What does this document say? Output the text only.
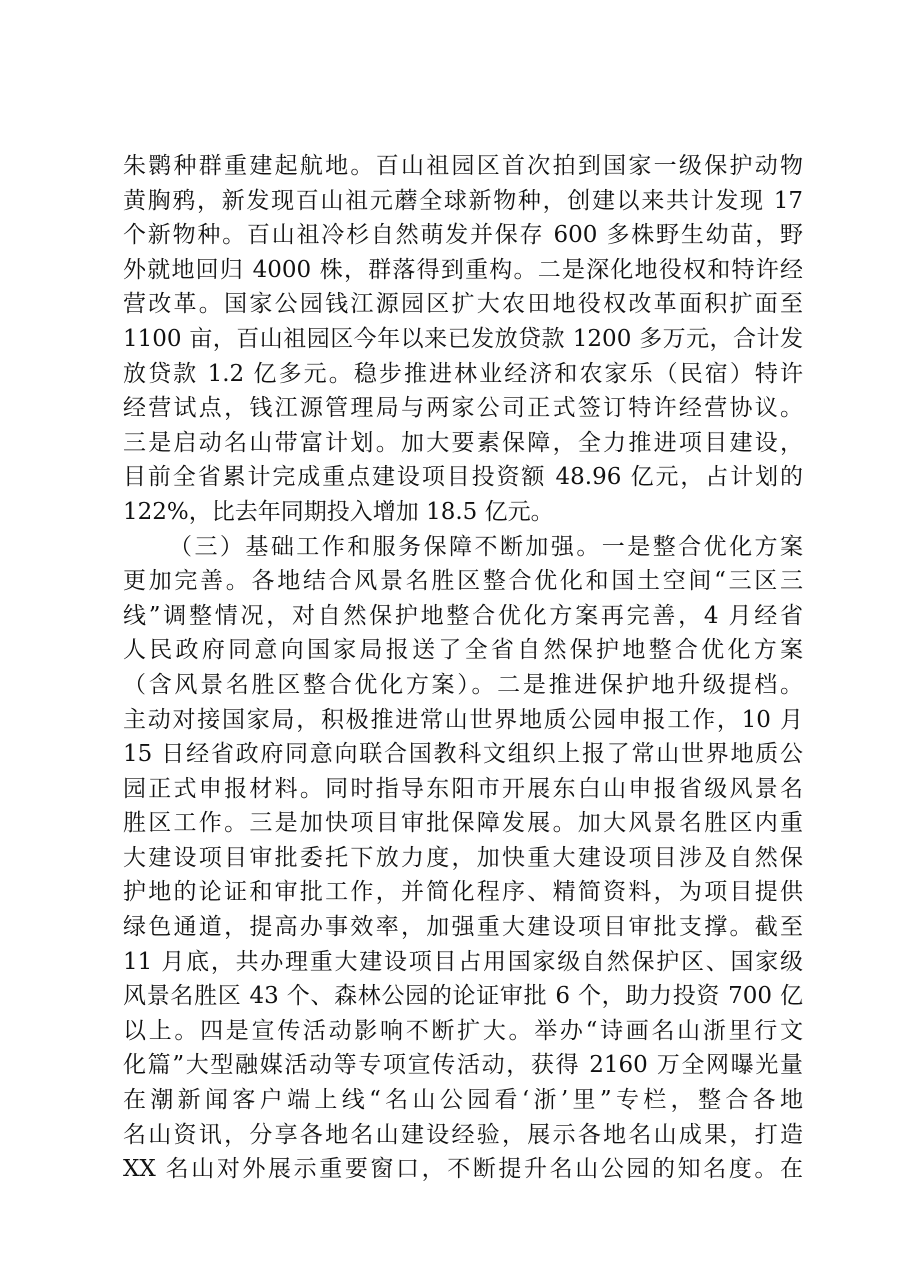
朱鹮种群重建起航地。百山祖园区首次拍到国家一级保护动物
黄胸鸦，新发现百山祖元蘑全球新物种，创建以来共计发现 17
个新物种。百山祖冷杉自然萌发并保存 600 多株野生幼苗，野
外就地回归 4000 株，群落得到重构。二是深化地役权和特许经
营改革。国家公园钱江源园区扩大农田地役权改革面积扩面至
1100 亩，百山祖园区今年以来已发放贷款 1200 多万元，合计发
放贷款 1.2 亿多元。稳步推进林业经济和农家乐（民宿）特许
经营试点，钱江源管理局与两家公司正式签订特许经营协议。
三是启动名山带富计划。加大要素保障，全力推进项目建设，
目前全省累计完成重点建设项目投资额 48.96 亿元，占计划的
122%，比去年同期投入增加 18.5 亿元。
（三）基础工作和服务保障不断加强。一是整合优化方案
更加完善。各地结合风景名胜区整合优化和国土空间“三区三
线”调整情况，对自然保护地整合优化方案再完善，4 月经省
人民政府同意向国家局报送了全省自然保护地整合优化方案
（含风景名胜区整合优化方案）。二是推进保护地升级提档。
主动对接国家局，积极推进常山世界地质公园申报工作，10 月
15 日经省政府同意向联合国教科文组织上报了常山世界地质公
园正式申报材料。同时指导东阳市开展东白山申报省级风景名
胜区工作。三是加快项目审批保障发展。加大风景名胜区内重
大建设项目审批委托下放力度，加快重大建设项目涉及自然保
护地的论证和审批工作，并简化程序、精简资料，为项目提供
绿色通道，提高办事效率，加强重大建设项目审批支撑。截至
11 月底，共办理重大建设项目占用国家级自然保护区、国家级
风景名胜区 43 个、森林公园的论证审批 6 个，助力投资 700 亿
以上。四是宣传活动影响不断扩大。举办“诗画名山浙里行文
化篇”大型融媒活动等专项宣传活动，获得 2160 万全网曝光量
在潮新闻客户端上线“名山公园看‘浙’里”专栏，整合各地
名山资讯，分享各地名山建设经验，展示各地名山成果，打造
XX 名山对外展示重要窗口，不断提升名山公园的知名度。在
